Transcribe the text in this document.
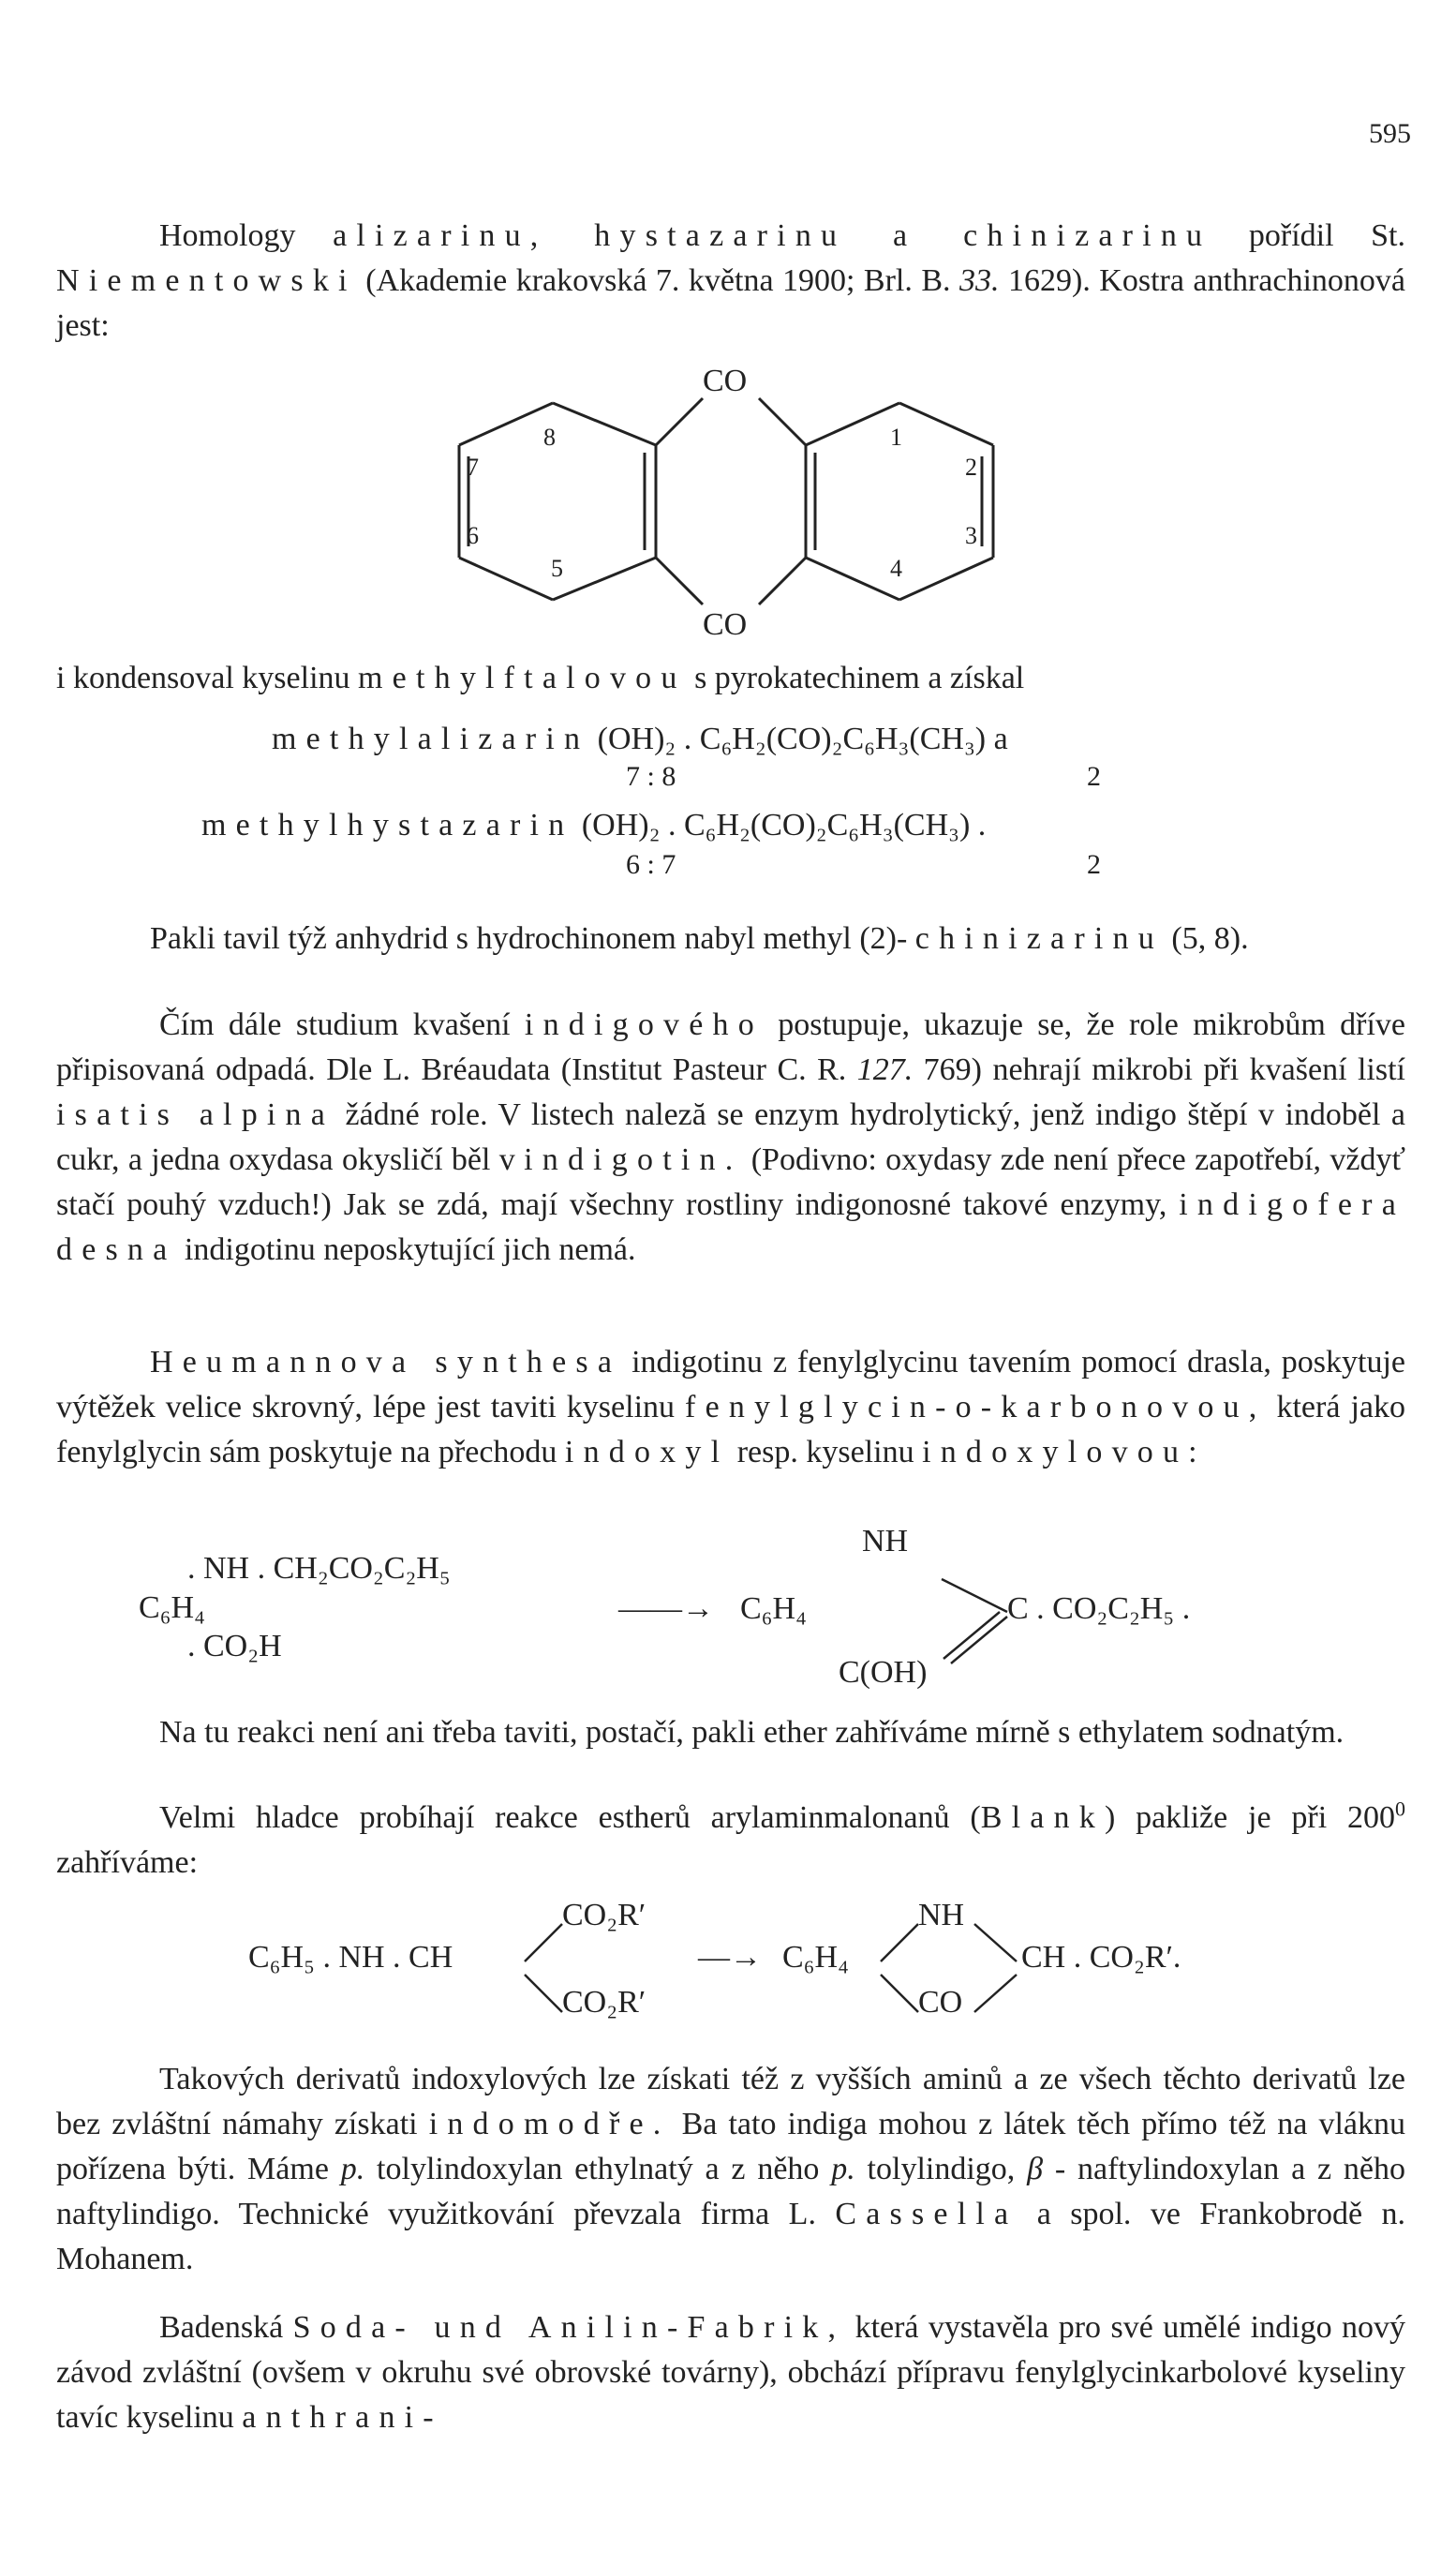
595
Homology alizarinu, hystazarinu a chinizarinu pořídil St. Niementowski (Akademie krakovská 7. května 1900; Brl. B. 33. 1629). Kostra anthrachinonová jest:
CO
CO
8
7
6
5
1
2
3
4
i kondensoval kyselinu methylftalovou s pyrokatechinem a získal
methylalizarin (OH)₂ . C₆H₂(CO)₂C₆H₃(CH₃) a
7 : 8	2
methylhystazarin (OH)₂ . C₆H₂(CO)₂C₆H₃(CH₃) .
6 : 7	2
Pakli tavil týž anhydrid s hydrochinonem nabyl methyl (2)- chinizarinu (5, 8).
Čím dále studium kvašení indigového postupuje, ukazuje se, že role mikrobům dříve připisovaná odpadá. Dle L. Bréaudata (Institut Pasteur C. R. 127. 769) nehrají mikrobi při kvašení listí isatis alpina žádné role. V listech naleză se enzym hydrolytický, jenž indigo štěpí v indoběl a cukr, a jedna oxydasa okysličí běl v indigotin. (Podivno: oxydasy zde není přece zapotřebí, vždyť stačí pouhý vzduch!) Jak se zdá, mají všechny rostliny indigonosné takové enzymy, indigofera desna indigotinu neposkytující jich nemá.
Heumannova synthesa indigotinu z fenylglycinu tavením pomocí drasla, poskytuje výtěžek velice skrovný, lépe jest taviti kyselinu fenylglycin-o-karbonovou, která jako fenylglycin sám poskytuje na přechodu indoxyl resp. kyselinu indoxylovou:
. NH . CH₂CO₂C₂H₅
C₆H₄
. CO₂H
——→ C₆H₄
NH
C . CO₂C₂H₅ .
C(OH)
Na tu reakci není ani třeba taviti, postačí, pakli ether zahříváme mírně s ethylatem sodnatým.
Velmi hladce probíhají reakce estherů arylaminmalonanů (Blank) pakliže je při $200^0$ zahříváme:
C₆H₅ . NH . CH
CO₂R′
CO₂R′
—→ C₆H₄
NH
CO
CH . CO₂R′.
Takových derivatů indoxylových lze získati též z vyšších aminů a ze všech těchto derivatů lze bez zvláštní námahy získati indomodře. Ba tato indiga mohou z látek těch přímo též na vláknu pořízena býti. Máme p. tolylindoxylan ethylnatý a z něho p. tolylindigo, β - naftylindoxylan a z něho naftylindigo. Technické využitkování převzala firma L. Cassella a spol. ve Frankobrodě n. Mohanem.
Badenská Soda- und Anilin-Fabrik, která vystavěla pro své umělé indigo nový závod zvláštní (ovšem v okruhu své obrovské továrny), obchází přípravu fenylglycinkarbolové kyseliny tavíc kyselinu anthrani-
